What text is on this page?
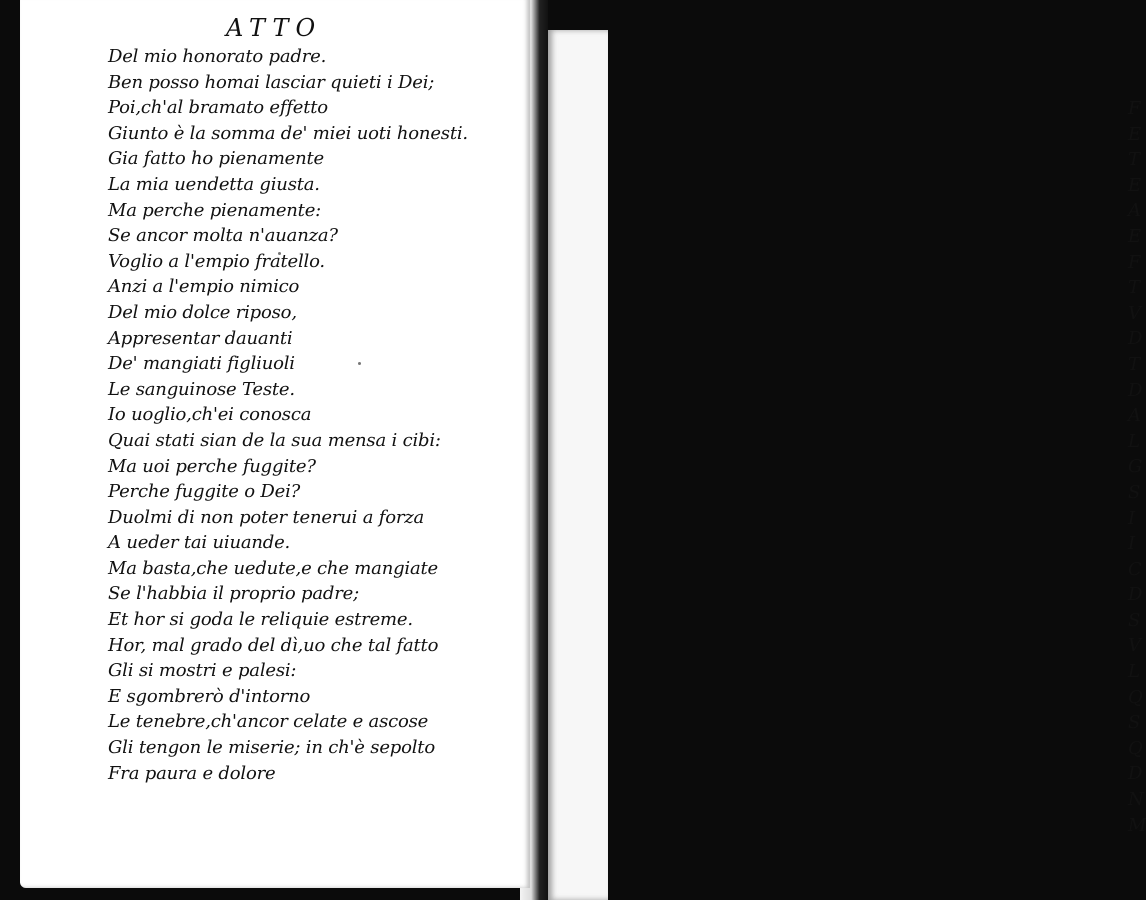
F
E
T
E
A
E
F
T
V
D
T
D
A
L
G
S
I
I
C
D
S
V
L
Q
S
Q
D
N
M
ATTO
Del mio honorato padre.
Ben posso homai lasciar quieti i Dei;
Poi,ch'al bramato effetto
Giunto è la somma de' miei uoti honesti.
Gia fatto ho pienamente
La mia uendetta giusta.
Ma perche pienamente:
Se ancor molta n'auanza?
Voglio a l'empio fratello.
Anzi a l'empio nimico
Del mio dolce riposo,
Appresentar dauanti
De' mangiati figliuoli
Le sanguinose Teste.
Io uoglio,ch'ei conosca
Quai stati sian de la sua mensa i cibi:
Ma uoi perche fuggite?
Perche fuggite o Dei?
Duolmi di non poter tenerui a forza
A ueder tai uiuande.
Ma basta,che uedute,e che mangiate
Se l'habbia il proprio padre;
Et hor si goda le reliquie estreme.
Hor, mal grado del dì,uo che tal fatto
Gli si mostri e palesi:
E sgombrerò d'intorno
Le tenebre,ch'ancor celate e ascose
Gli tengon le miserie; in ch'è sepolto
Fra paura e dolore
